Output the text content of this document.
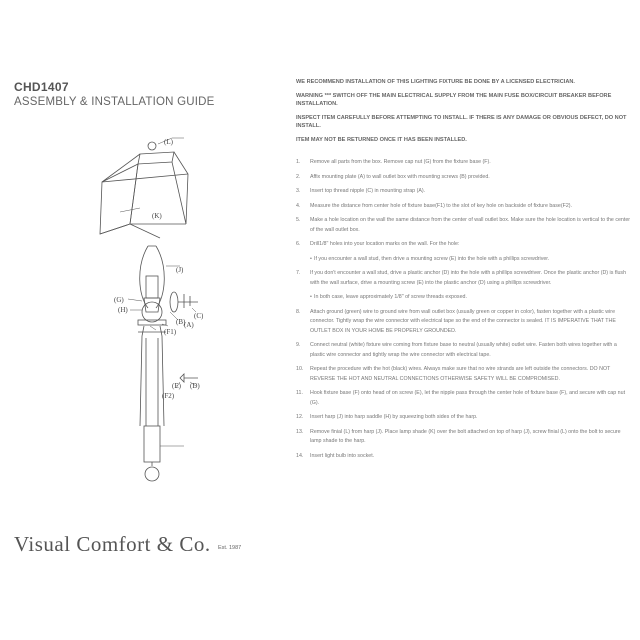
CHD1407
ASSEMBLY & INSTALLATION GUIDE
(L)
(K)
(J)
(G)
(H)
(B)
(A)
(C)
(F1)
(E) (D)
(F2)
Visual Comfort & Co. Est. 1987

WE RECOMMEND INSTALLATION OF THIS LIGHTING FIXTURE BE DONE BY A LICENSED ELECTRICIAN.

WARNING *** SWITCH OFF THE MAIN ELECTRICAL SUPPLY FROM THE MAIN FUSE BOX/CIRCUIT BREAKER BEFORE INSTALLATION.

INSPECT ITEM CAREFULLY BEFORE ATTEMPTING TO INSTALL. IF THERE IS ANY DAMAGE OR OBVIOUS DEFECT, DO NOT INSTALL.

ITEM MAY NOT BE RETURNED ONCE IT HAS BEEN INSTALLED.

1. Remove all parts from the box. Remove cap nut (G) from the fixture base (F).
2. Affix mounting plate (A) to wall outlet box with mounting screws (B) provided.
3. Insert top thread nipple (C) in mounting strap (A).
4. Measure the distance from center hole of fixture base(F1) to the slot of key hole on backside of fixture base(F2).
5. Make a hole location on the wall the same distance from the center of wall outlet box. Make sure the hole location is vertical to the center of the wall outlet box.
6. Drill1/8" holes into your location marks on the wall. For the hole:
• If you encounter a wall stud, then drive a mounting screw (E) into the hole with a phillips screwdriver.
7. If you don't encounter a wall stud, drive a plastic anchor (D) into the hole with a phillips screwdriver. Once the plastic anchor (D) is flush with the wall surface, drive a mounting screw (E) into the plastic anchor (D) using a phillips screwdriver.
• In both case, leave approximately 1/8" of screw threads exposed.
8. Attach ground (green) wire to ground wire from wall outlet box (usually green or copper in color), fasten together with a plastic wire connector. Tightly wrap the wire connector with electrical tape so the end of the connector is sealed. IT IS IMPERATIVE THAT THE OUTLET BOX IN YOUR HOME BE PROPERLY GROUNDED.
9. Connect neutral (white) fixture wire coming from fixture base to neutral (usually white) outlet wire. Fasten both wires together with a plastic wire connector and tightly wrap the wire connector with electrical tape.
10. Repeat the procedure with the hot (black) wires. Always make sure that no wire strands are left outside the connectors. DO NOT REVERSE THE HOT AND NEUTRAL CONNECTIONS OTHERWISE SAFETY WILL BE COMPROMISED.
11. Hook fixture base (F) onto head of on screw (E), let the nipple pass through the center hole of fixture base (F), and secure with cap nut (G).
12. Insert harp (J) into harp saddle (H) by squeezing both sides of the harp.
13. Remove finial (L) from harp (J). Place lamp shade (K) over the bolt attached on top of harp (J), screw finial (L) onto the bolt to secure lamp shade to the harp.
14. Insert light bulb into socket.
